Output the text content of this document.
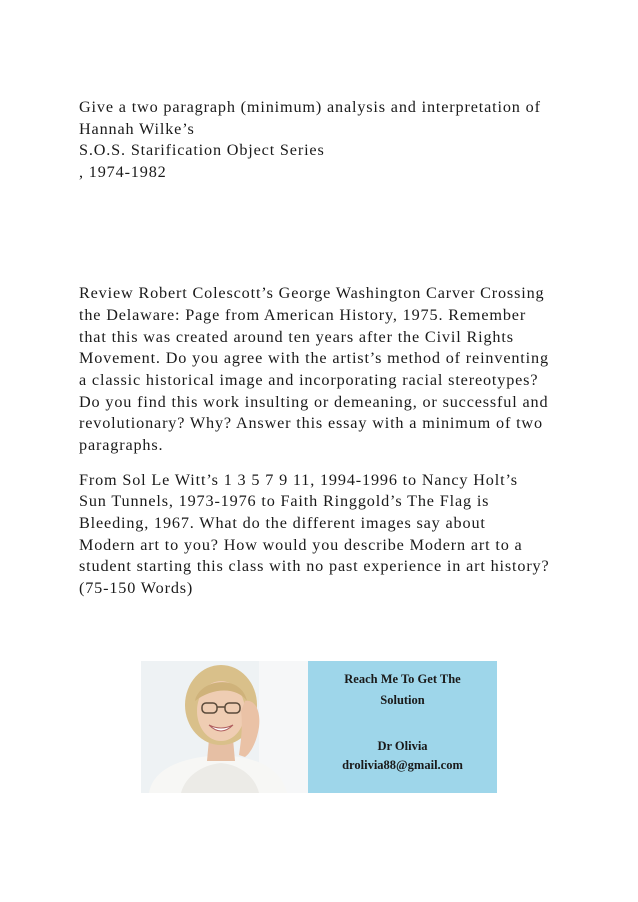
Give a two paragraph (minimum) analysis and interpretation of
Hannah Wilke’s
S.O.S. Starification Object Series
, 1974-1982
Review Robert Colescott’s George Washington Carver Crossing
the Delaware: Page from American History, 1975. Remember
that this was created around ten years after the Civil Rights
Movement. Do you agree with the artist’s method of reinventing
a classic historical image and incorporating racial stereotypes?
Do you find this work insulting or demeaning, or successful and
revolutionary? Why? Answer this essay with a minimum of two
paragraphs.
From Sol Le Witt’s 1 3 5 7 9 11, 1994-1996 to Nancy Holt’s
Sun Tunnels, 1973-1976 to Faith Ringgold’s The Flag is
Bleeding, 1967. What do the different images say about
Modern art to you? How would you describe Modern art to a
student starting this class with no past experience in art history?
(75-150 Words)
Reach Me To Get The
Solution
Dr Olivia
drolivia88@gmail.com
